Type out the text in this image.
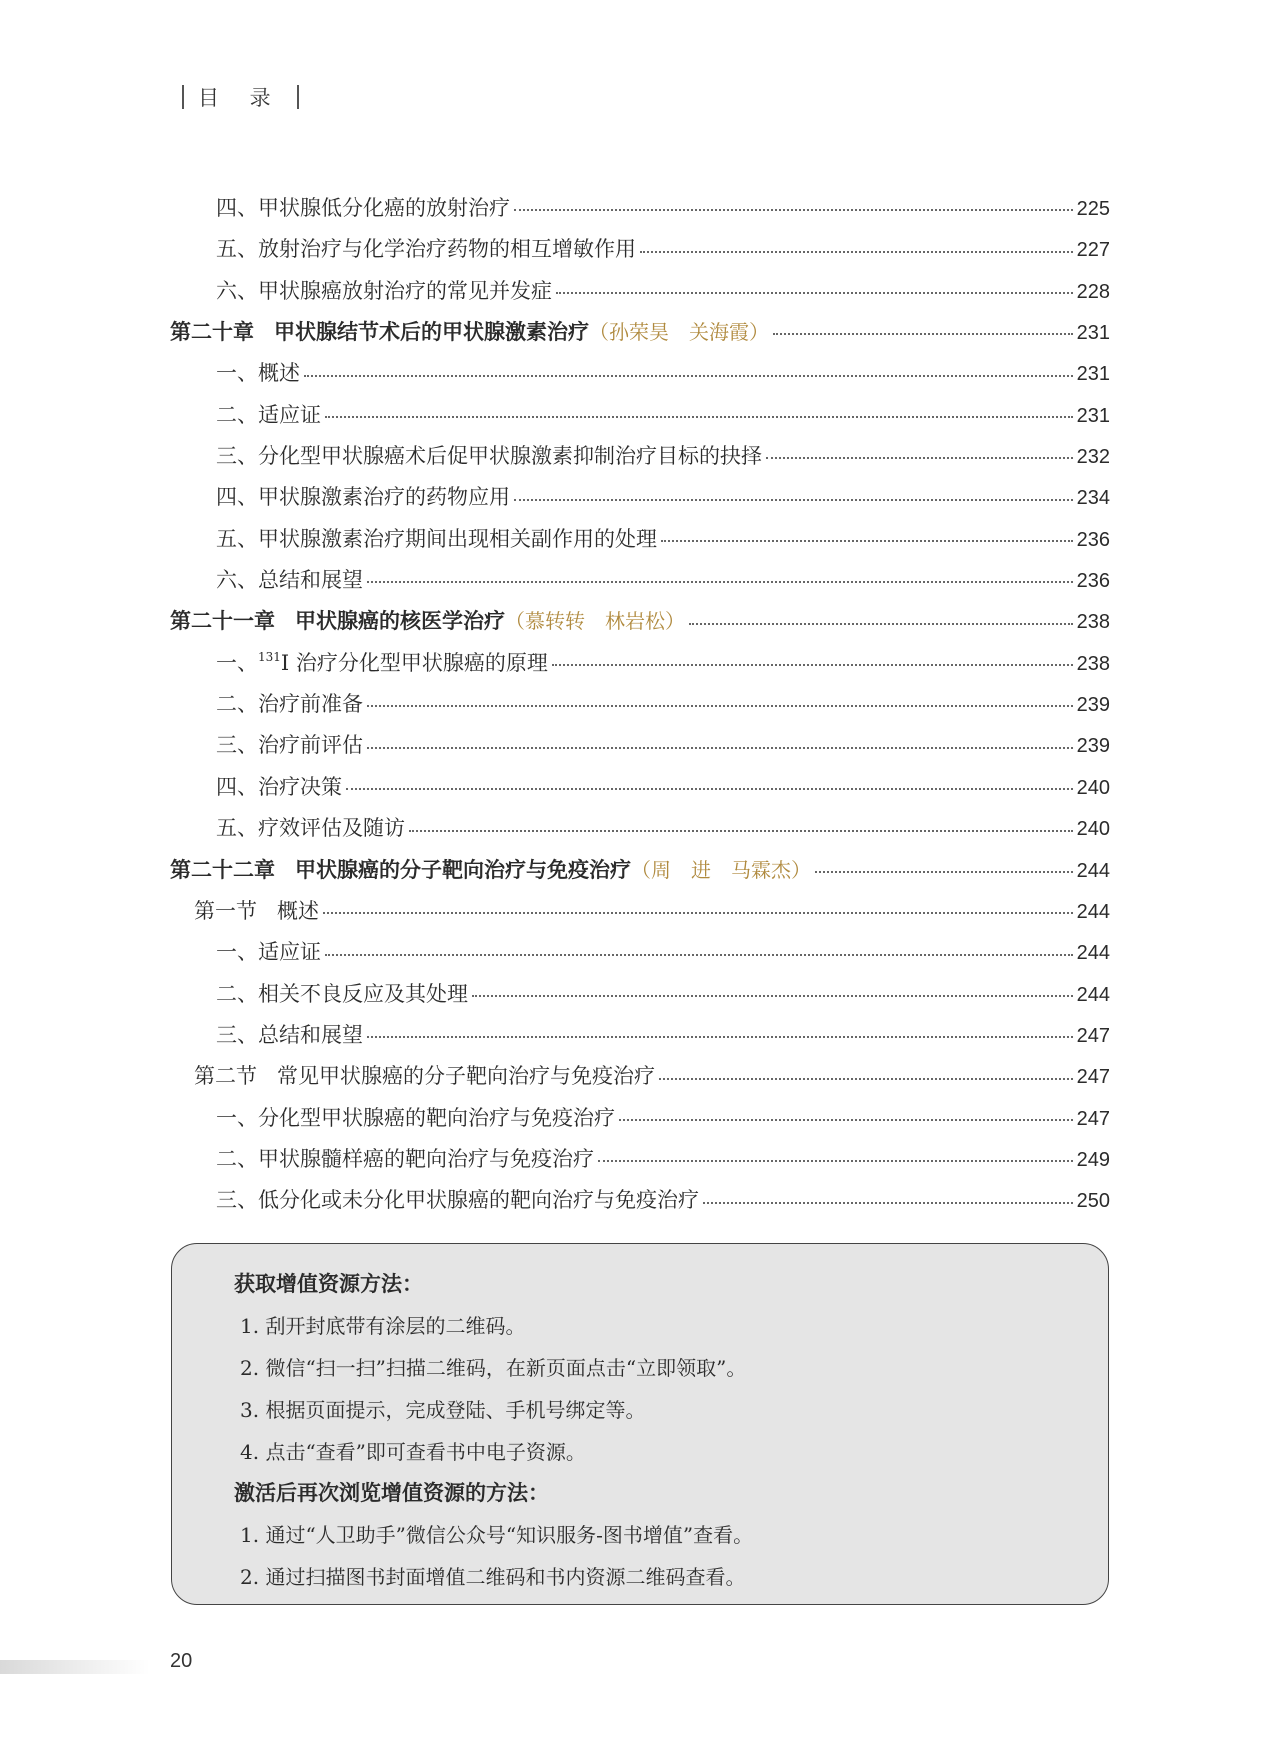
目 录
四、甲状腺低分化癌的放射治疗	225
五、放射治疗与化学治疗药物的相互增敏作用	227
六、甲状腺癌放射治疗的常见并发症	228
第二十章 甲状腺结节术后的甲状腺激素治疗（孙荣昊　关海霞）	231
一、概述	231
二、适应证	231
三、分化型甲状腺癌术后促甲状腺激素抑制治疗目标的抉择	232
四、甲状腺激素治疗的药物应用	234
五、甲状腺激素治疗期间出现相关副作用的处理	236
六、总结和展望	236
第二十一章 甲状腺癌的核医学治疗（慕转转　林岩松）	238
一、$^{131}$I 治疗分化型甲状腺癌的原理	238
二、治疗前准备	239
三、治疗前评估	239
四、治疗决策	240
五、疗效评估及随访	240
第二十二章 甲状腺癌的分子靶向治疗与免疫治疗（周　进　马霖杰）	244
第一节 概述	244
一、适应证	244
二、相关不良反应及其处理	244
三、总结和展望	247
第二节 常见甲状腺癌的分子靶向治疗与免疫治疗	247
一、分化型甲状腺癌的靶向治疗与免疫治疗	247
二、甲状腺髓样癌的靶向治疗与免疫治疗	249
三、低分化或未分化甲状腺癌的靶向治疗与免疫治疗	250
获取增值资源方法：
1. 刮开封底带有涂层的二维码。
2. 微信“扫一扫”扫描二维码，在新页面点击“立即领取”。
3. 根据页面提示，完成登陆、手机号绑定等。
4. 点击“查看”即可查看书中电子资源。
激活后再次浏览增值资源的方法：
1. 通过“人卫助手”微信公众号“知识服务-图书增值”查看。
2. 通过扫描图书封面增值二维码和书内资源二维码查看。
20
